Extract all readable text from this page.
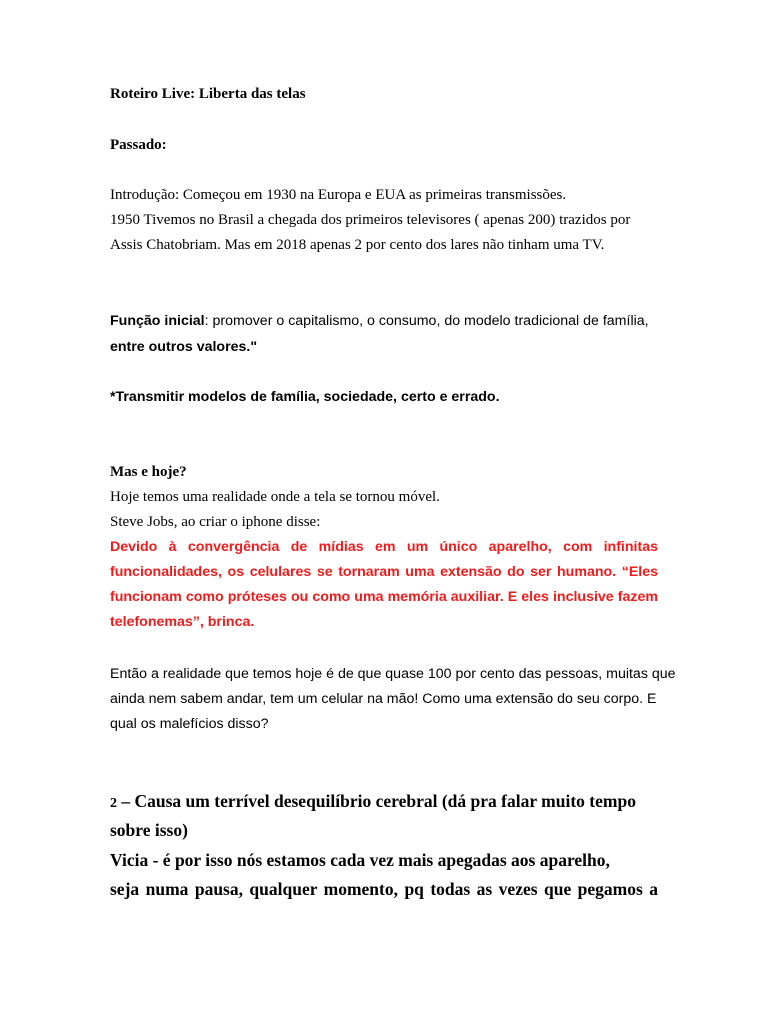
Roteiro Live: Liberta das telas
Passado:
Introdução: Começou em 1930 na Europa e EUA as primeiras transmissões.
1950 Tivemos no Brasil a chegada dos primeiros televisores ( apenas 200) trazidos por
Assis Chatobriam. Mas em 2018 apenas 2 por cento dos lares não tinham uma TV.
Função inicial: promover o capitalismo, o consumo, do modelo tradicional de família,
entre outros valores."
*Transmitir modelos de família, sociedade, certo e errado.
Mas e hoje?
Hoje temos uma realidade onde a tela se tornou móvel.
Steve Jobs, ao criar o iphone disse:
Devido à convergência de mídias em um único aparelho, com infinitas
funcionalidades, os celulares se tornaram uma extensão do ser humano. “Eles
funcionam como próteses ou como uma memória auxiliar. E eles inclusive fazem
telefonemas”, brinca.
Então a realidade que temos hoje é de que quase 100 por cento das pessoas, muitas que
ainda nem sabem andar, tem um celular na mão! Como uma extensão do seu corpo. E
qual os malefícios disso?
2 – Causa um terrível desequilíbrio cerebral (dá pra falar muito tempo
sobre isso)
Vicia - é por isso nós estamos cada vez mais apegadas aos aparelho,
seja numa pausa, qualquer momento, pq todas as vezes que pegamos a
